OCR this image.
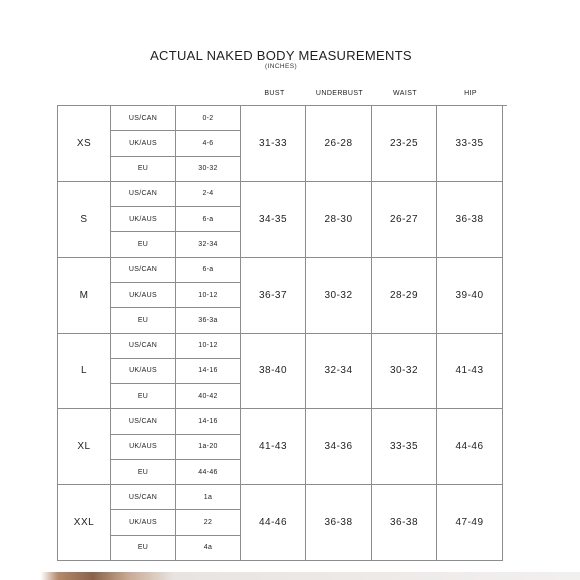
ACTUAL NAKED BODY MEASUREMENTS
(INCHES)
BUST	UNDERBUST	WAIST	HIP
XS
US/CAN	0-2
UK/AUS	4-6
EU	30-32
31-33	26-28	23-25	33-35
S
US/CAN	2-4
UK/AUS	6-a
EU	32-34
34-35	28-30	26-27	36-38
M
US/CAN	6-a
UK/AUS	10-12
EU	36-3a
36-37	30-32	28-29	39-40
L
US/CAN	10-12
UK/AUS	14-16
EU	40-42
38-40	32-34	30-32	41-43
XL
US/CAN	14-16
UK/AUS	1a-20
EU	44-46
41-43	34-36	33-35	44-46
XXL
US/CAN	1a
UK/AUS	22
EU	4a
44-46	36-38	36-38	47-49
